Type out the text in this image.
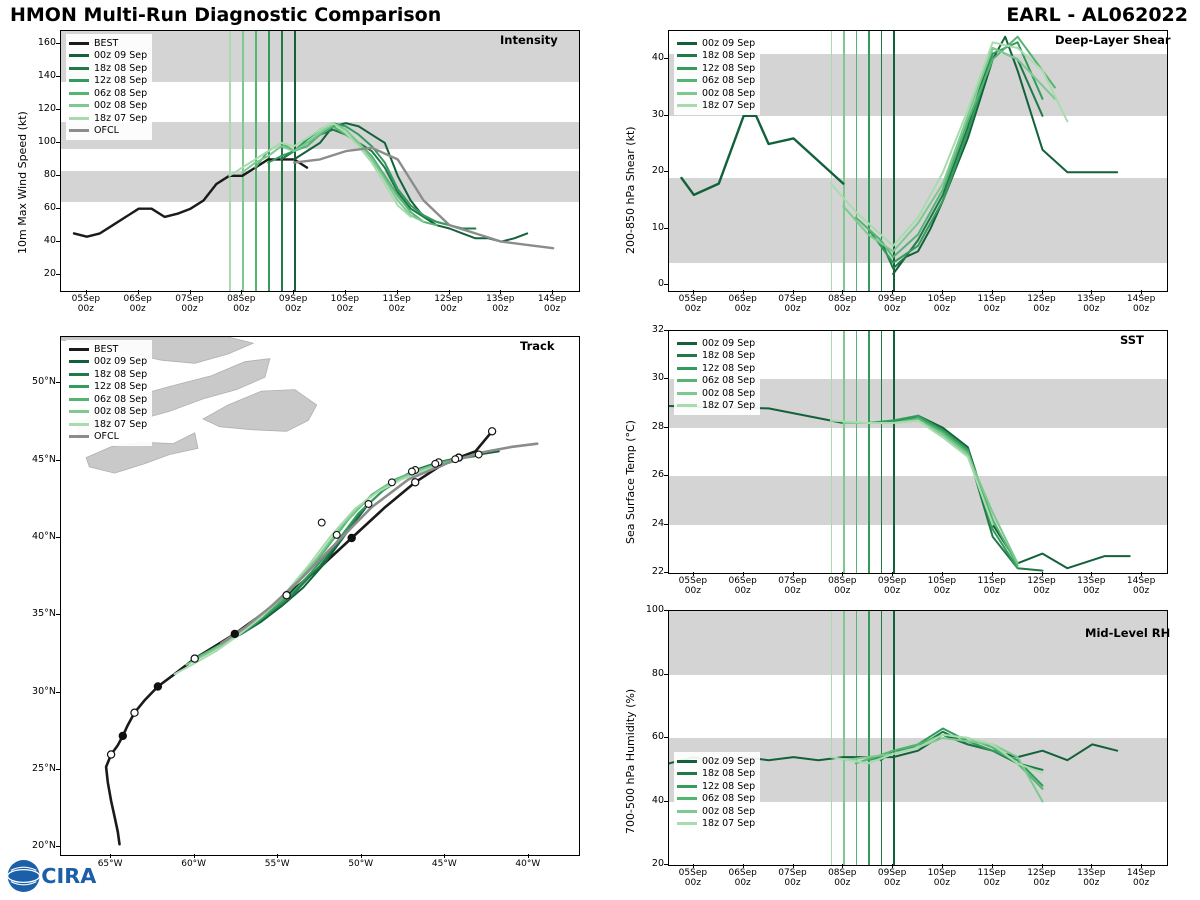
HMON Multi-Run Diagnostic Comparison	EARL - AL062022
Intensity
10m Max Wind Speed (kt)
BEST
00z 09 Sep
18z 08 Sep
12z 08 Sep
06z 08 Sep
00z 08 Sep
18z 07 Sep
OFCL
20
40
60
80
100
120
140
160
05Sep
00z
06Sep
00z
07Sep
00z
08Sep
00z
09Sep
00z
10Sep
00z
11Sep
00z
12Sep
00z
13Sep
00z
14Sep
00z
Deep-Layer Shear
200-850 hPa Shear (kt)
00z 09 Sep
18z 08 Sep
12z 08 Sep
06z 08 Sep
00z 08 Sep
18z 07 Sep
0
10
20
30
40
05Sep
00z
06Sep
00z
07Sep
00z
08Sep
00z
09Sep
00z
10Sep
00z
11Sep
00z
12Sep
00z
13Sep
00z
14Sep
00z
Track
BEST
00z 09 Sep
18z 08 Sep
12z 08 Sep
06z 08 Sep
00z 08 Sep
18z 07 Sep
OFCL
20°N
25°N
30°N
35°N
40°N
45°N
50°N
65°W	60°W	55°W	50°W	45°W	40°W
SST
Sea Surface Temp (°C)
00z 09 Sep
18z 08 Sep
12z 08 Sep
06z 08 Sep
00z 08 Sep
18z 07 Sep
22
24
26
28
30
32
05Sep
00z
06Sep
00z
07Sep
00z
08Sep
00z
09Sep
00z
10Sep
00z
11Sep
00z
12Sep
00z
13Sep
00z
14Sep
00z
Mid-Level RH
700-500 hPa Humidity (%)	00z 09 Sep
18z 08 Sep
12z 08 Sep
06z 08 Sep
00z 08 Sep
18z 07 Sep
20
40
60
80
100
05Sep
00z
06Sep
00z
07Sep
00z
08Sep
00z
09Sep
00z
10Sep
00z
11Sep
00z
12Sep
00z
13Sep
00z
14Sep
00z
CIRA
